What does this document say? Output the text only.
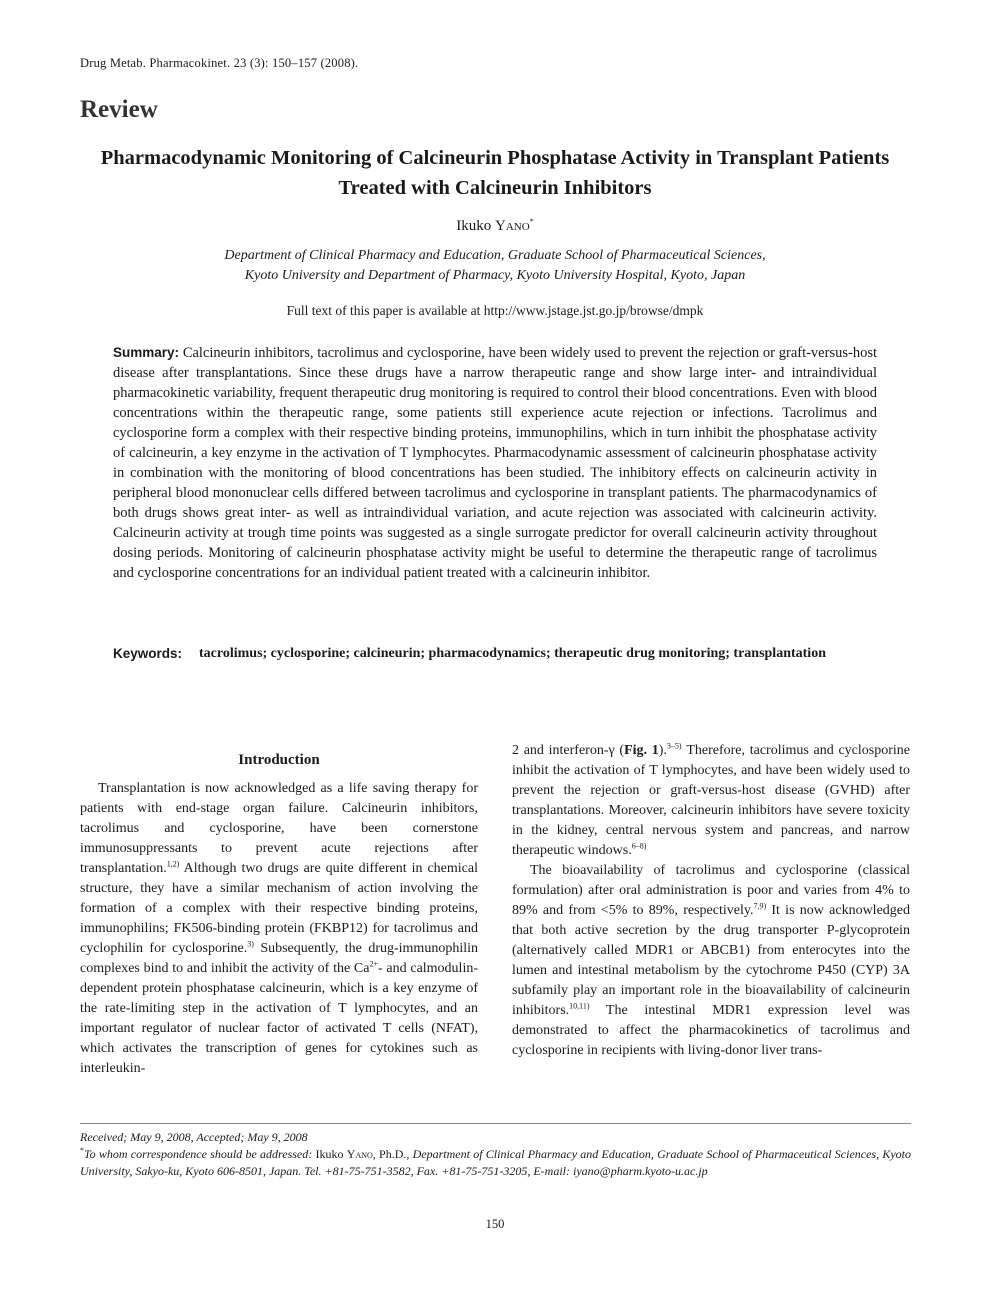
Drug Metab. Pharmacokinet. 23 (3): 150–157 (2008).
Review
Pharmacodynamic Monitoring of Calcineurin Phosphatase Activity in Transplant Patients Treated with Calcineurin Inhibitors
Ikuko Yano*
Department of Clinical Pharmacy and Education, Graduate School of Pharmaceutical Sciences,
Kyoto University and Department of Pharmacy, Kyoto University Hospital, Kyoto, Japan
Full text of this paper is available at http://www.jstage.jst.go.jp/browse/dmpk
Summary: Calcineurin inhibitors, tacrolimus and cyclosporine, have been widely used to prevent the rejection or graft-versus-host disease after transplantations. Since these drugs have a narrow therapeutic range and show large inter- and intraindividual pharmacokinetic variability, frequent therapeutic drug monitoring is required to control their blood concentrations. Even with blood concentrations within the therapeutic range, some patients still experience acute rejection or infections. Tacrolimus and cyclosporine form a complex with their respective binding proteins, immunophilins, which in turn inhibit the phosphatase activity of calcineurin, a key enzyme in the activation of T lymphocytes. Pharmacodynamic assessment of calcineurin phosphatase activity in combination with the monitoring of blood concentrations has been studied. The inhibitory effects on calcineurin activity in peripheral blood mononuclear cells differed between tacrolimus and cyclosporine in transplant patients. The pharmacodynamics of both drugs shows great inter- as well as intraindividual variation, and acute rejection was associated with calcineurin activity. Calcineurin activity at trough time points was suggested as a single surrogate predictor for overall calcineurin activity throughout dosing periods. Monitoring of calcineurin phosphatase activity might be useful to determine the therapeutic range of tacrolimus and cyclosporine concentrations for an individual patient treated with a calcineurin inhibitor.
Keywords:	tacrolimus; cyclosporine; calcineurin; pharmacodynamics; therapeutic drug monitoring; transplantation
Introduction

Transplantation is now acknowledged as a life saving therapy for patients with end-stage organ failure. Calcineurin inhibitors, tacrolimus and cyclosporine, have been cornerstone immunosuppressants to prevent acute rejections after transplantation.$^{1,2)}$ Although two drugs are quite different in chemical structure, they have a similar mechanism of action involving the formation of a complex with their respective binding proteins, immunophilins; FK506-binding protein (FKBP12) for tacrolimus and cyclophilin for cyclosporine.$^{3)}$ Subsequently, the drug-immunophilin complexes bind to and inhibit the activity of the $Ca^{2+}-$ and calmodulin-dependent protein phosphatase calcineurin, which is a key enzyme of the rate-limiting step in the activation of T lymphocytes, and an important regulator of nuclear factor of activated T cells (NFAT), which activates the transcription of genes for cytokines such as interleukin-

2 and interferon-γ (Fig. 1).$^{3-5)}$ Therefore, tacrolimus and cyclosporine inhibit the activation of T lymphocytes, and have been widely used to prevent the rejection or graft-versus-host disease (GVHD) after transplantations. Moreover, calcineurin inhibitors have severe toxicity in the kidney, central nervous system and pancreas, and narrow therapeutic windows.$^{6-8)}$

The bioavailability of tacrolimus and cyclosporine (classical formulation) after oral administration is poor and varies from 4% to 89% and from <5% to 89%, respectively.$^{7,9)}$ It is now acknowledged that both active secretion by the drug transporter P-glycoprotein (alternatively called MDR1 or ABCB1) from enterocytes into the lumen and intestinal metabolism by the cytochrome P450 (CYP) 3A subfamily play an important role in the bioavailability of calcineurin inhibitors.$^{10,11)}$ The intestinal MDR1 expression level was demonstrated to affect the pharmacokinetics of tacrolimus and cyclosporine in recipients with living-donor liver trans-

Received; May 9, 2008, Accepted; May 9, 2008
*To whom correspondence should be addressed: Ikuko Yano, Ph.D., Department of Clinical Pharmacy and Education, Graduate School of Pharmaceutical Sciences, Kyoto University, Sakyo-ku, Kyoto 606-8501, Japan. Tel. +81-75-751-3582, Fax. +81-75-751-3205, E-mail: iyano@pharm.kyoto-u.ac.jp
150
